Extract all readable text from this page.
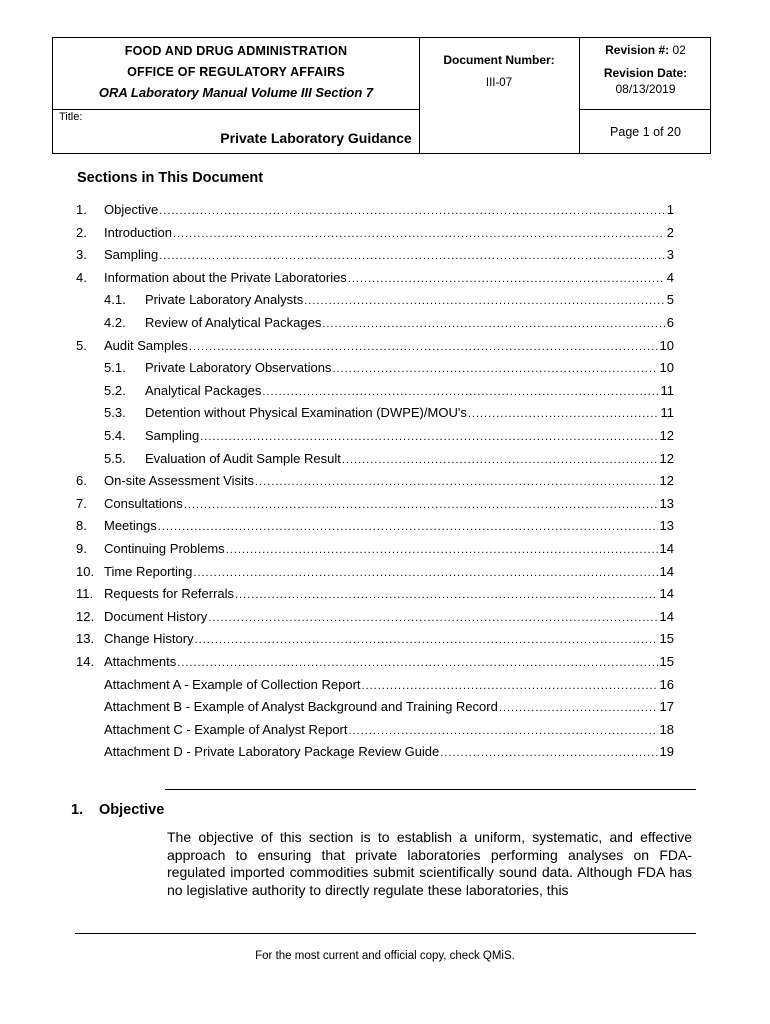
FOOD AND DRUG ADMINISTRATION
OFFICE OF REGULATORY AFFAIRS
ORA Laboratory Manual Volume III Section 7
Document Number:
III-07
Revision #: 02
Revision Date:
08/13/2019
Title:
Private Laboratory Guidance	Page 1 of 20
Sections in This Document
1.	Objective .....	1
2.	Introduction .....	2
3.	Sampling .....	3
4.	Information about the Private Laboratories .....	4
4.1.	Private Laboratory Analysts .....	5
4.2.	Review of Analytical Packages .....	6
5.	Audit Samples .....	10
5.1.	Private Laboratory Observations .....	10
5.2.	Analytical Packages .....	11
5.3.	Detention without Physical Examination (DWPE)/MOU's .....	11
5.4.	Sampling .....	12
5.5.	Evaluation of Audit Sample Result .....	12
6.	On-site Assessment Visits .....	12
7.	Consultations .....	13
8.	Meetings .....	13
9.	Continuing Problems .....	14
10. Time Reporting .....	14
11. Requests for Referrals .....	14
12. Document History .....	14
13. Change History .....	15
14. Attachments .....	15
Attachment A - Example of Collection Report .....	16
Attachment B - Example of Analyst Background and Training Record .....	17
Attachment C - Example of Analyst Report .....	18
Attachment D - Private Laboratory Package Review Guide .....	19
1. Objective
The objective of this section is to establish a uniform, systematic, and effective approach to ensuring that private laboratories performing analyses on FDA-regulated imported commodities submit scientifically sound data. Although FDA has no legislative authority to directly regulate these laboratories, this
For the most current and official copy, check QMiS.
